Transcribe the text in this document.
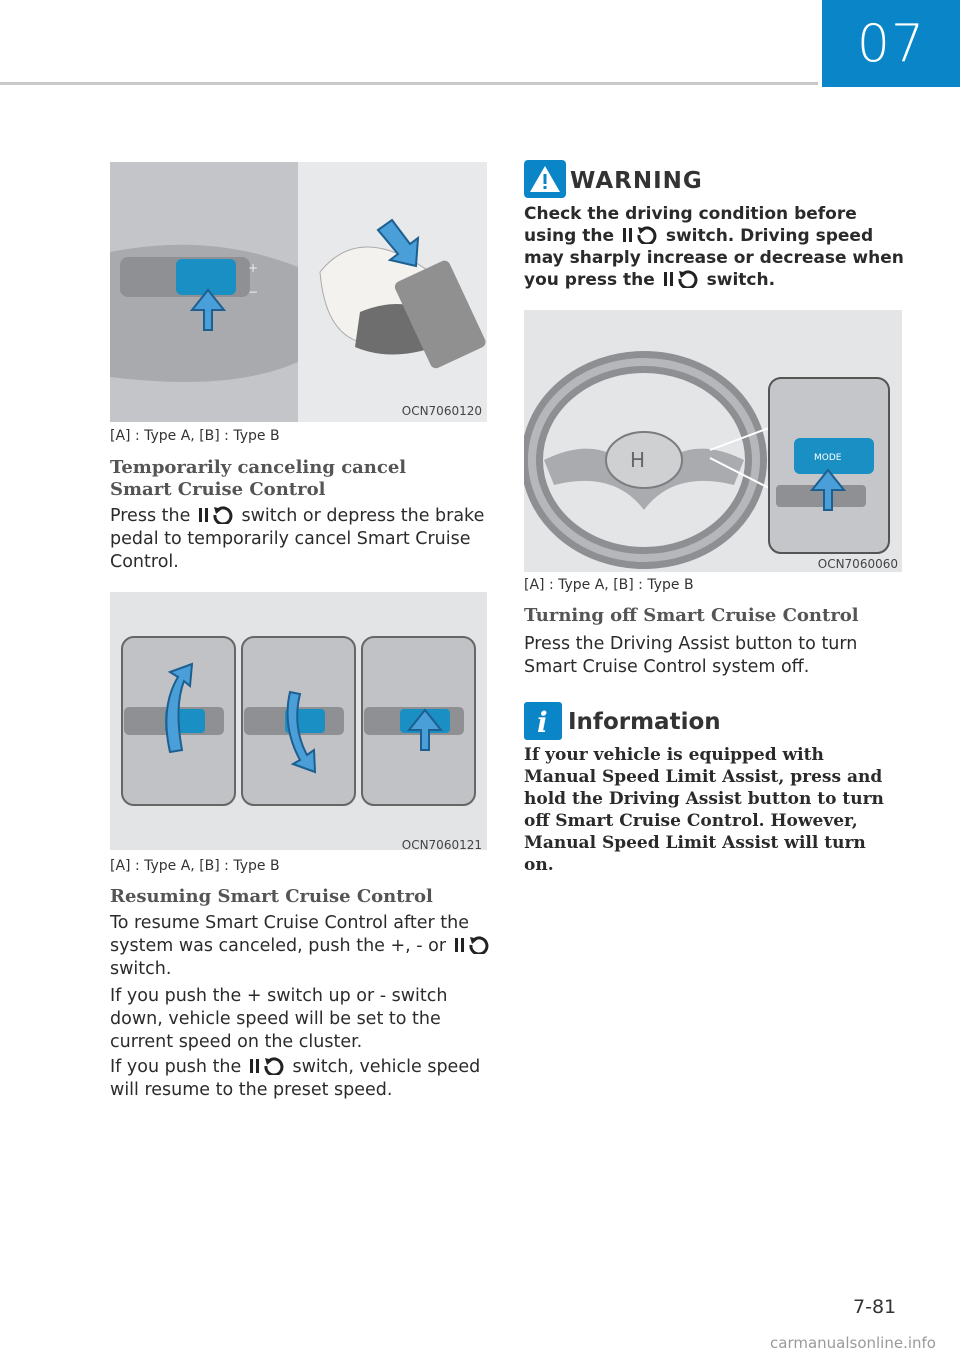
07
+
−
OCN7060120
[A] : Type A, [B] : Type B
Temporarily canceling cancel Smart Cruise Control
Press the	switch or depress the brake pedal to temporarily cancel Smart Cruise Control.
OCN7060121
[A] : Type A, [B] : Type B
Resuming Smart Cruise Control
To resume Smart Cruise Control after the system was canceled, push the +, - or  switch.
If you push the + switch up or - switch down, vehicle speed will be set to the current speed on the cluster.
If you push the	switch, vehicle speed will resume to the preset speed.
WARNING
Check the driving condition before
using the	switch. Driving speed
may sharply increase or decrease when
you press the	switch.
H	MODE
OCN7060060
[A] : Type A, [B] : Type B
Turning off Smart Cruise Control
Press the Driving Assist button to turn Smart Cruise Control system off.
i Information
If your vehicle is equipped with Manual Speed Limit Assist, press and hold the Driving Assist button to turn off Smart Cruise Control. However, Manual Speed Limit Assist will turn on.
7-81
carmanualsonline.info
